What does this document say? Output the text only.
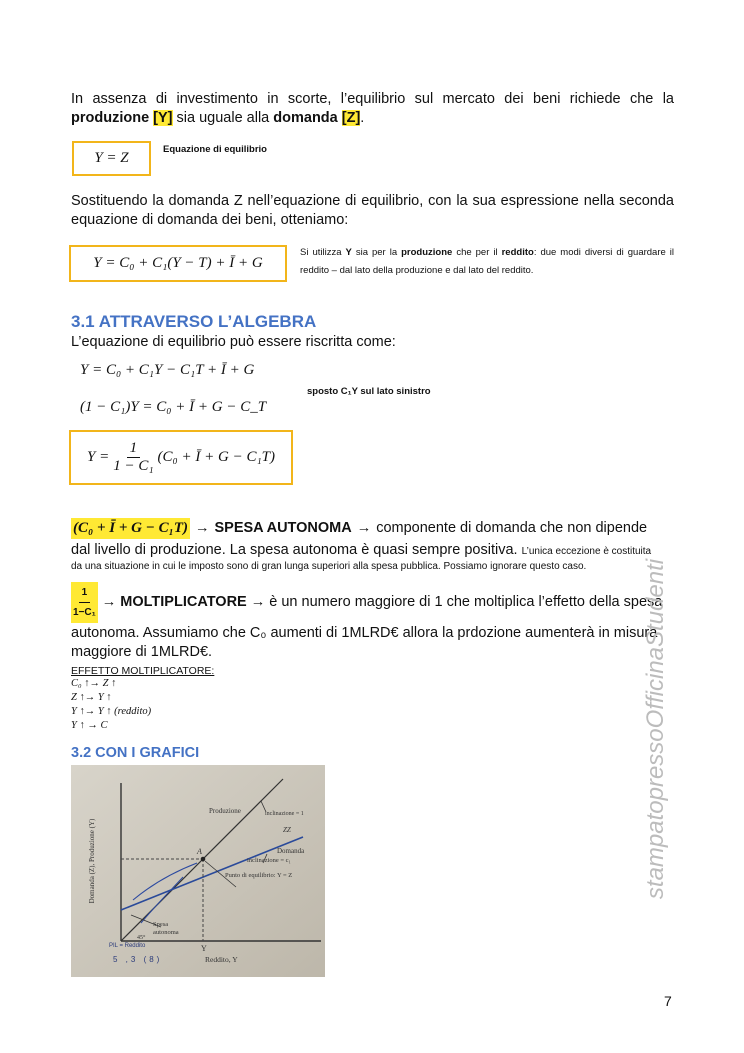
In assenza di investimento in scorte, l’equilibrio sul mercato dei beni richiede che la
produzione [Y] sia uguale alla domanda [Z].
Y = Z
Equazione di equilibrio
Sostituendo la domanda Z nell’equazione di equilibrio, con la sua espressione nella seconda equazione di domanda dei beni, otteniamo:
Y = C₀ + C₁(Y − T) + Ī + G
Si utilizza Y sia per la produzione che per il reddito: due modi diversi di guardare il reddito – dal lato della produzione e dal lato del reddito.
3.1 ATTRAVERSO L’ALGEBRA
L’equazione di equilibrio può essere riscritta come:
Y = C₀ + C₁Y − C₁T + Ī + G
(1 − C₁)Y = C₀ + Ī + G − C_T
sposto C₁Y sul lato sinistro
$Y = \frac{1}{\text{1 − C₁}} (C_0$ + Ī + G − C₁T)
(C₀ + Ī + G − C₁T) → SPESA AUTONOMA → componente di domanda che non dipende
dal livello di produzione. La spesa autonoma è quasi sempre positiva. L’unica eccezione è costituita
da una situazione in cui le imposto sono di gran lunga superiori alla spesa pubblica. Possiamo ignorare questo caso.
$\frac{1}{\text{1−C₁}}$ → MOLTIPLICATORE → è un numero maggiore di 1 che moltiplica l’effetto della spesa
autonoma. Assumiamo che C₀ aumenti di 1MLRD€ allora la prdozione aumenterà in misura
maggiore di 1MLRD€.
EFFETTO MOLTIPLICATORE:
C₀ ↑→ Z ↑
Z ↑→ Y ↑
Y ↑→ Y ↑ (reddito)
Y ↑ → C
3.2 CON I GRAFICI
Domanda (Z), Produzione (Y)
Reddito, Y
Y
A
Produzione	inclinazione = 1
ZZ
Domanda
inclinazione = c₁
Punto di equilibrio: Y = Z
Spesa autonoma
45°
PIL = Reddito
5 ,3 (8)
stampatopressoOfficinaStudenti
7
